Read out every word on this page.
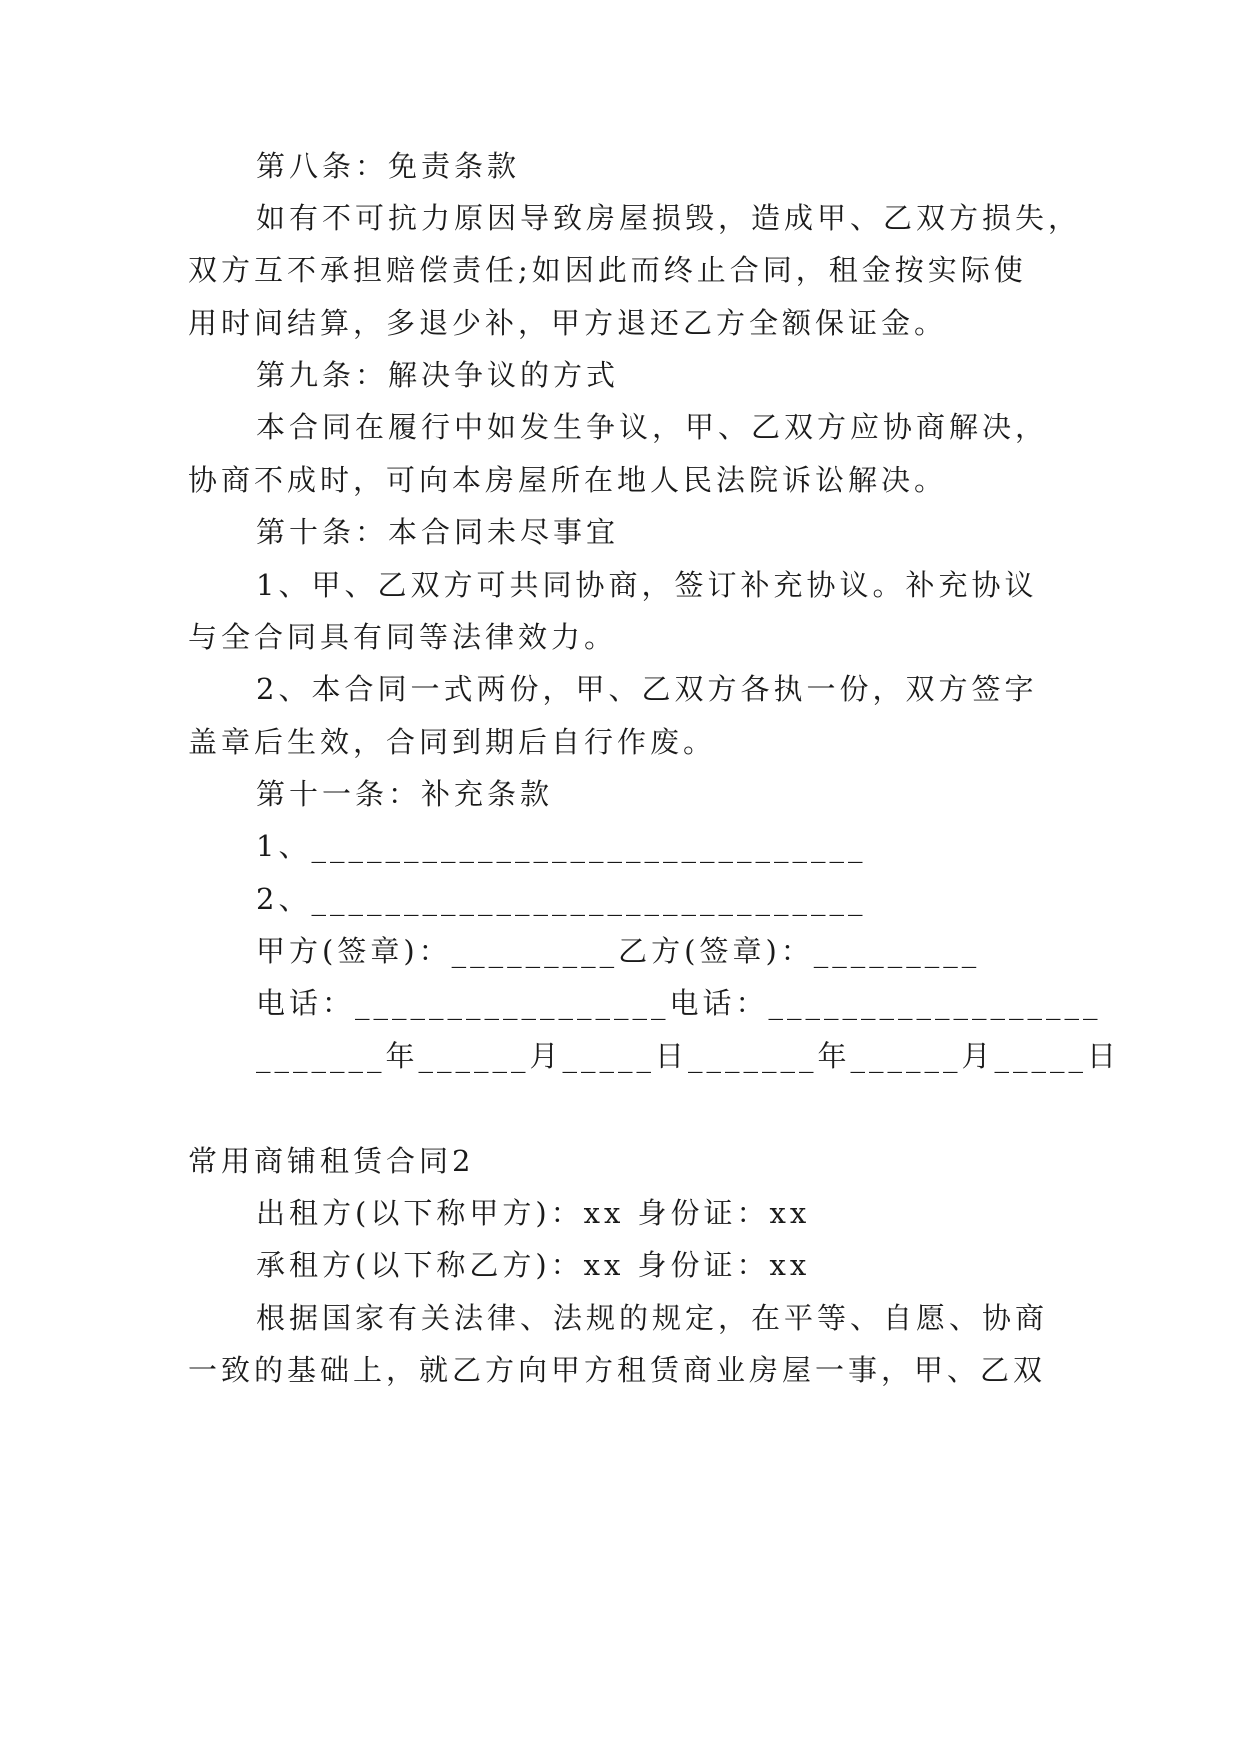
第八条：免责条款
如有不可抗力原因导致房屋损毁，造成甲、乙双方损失，
双方互不承担赔偿责任;如因此而终止合同，租金按实际使
用时间结算，多退少补，甲方退还乙方全额保证金。
第九条：解决争议的方式
本合同在履行中如发生争议，甲、乙双方应协商解决，
协商不成时，可向本房屋所在地人民法院诉讼解决。
第十条：本合同未尽事宜
1、甲、乙双方可共同协商，签订补充协议。补充协议
与全合同具有同等法律效力。
2、本合同一式两份，甲、乙双方各执一份，双方签字
盖章后生效，合同到期后自行作废。
第十一条：补充条款
1、______________________________
2、______________________________
甲方(签章)：_________乙方(签章)：_________
电话：_________________电话：__________________
_______年______月_____日_______年______月_____日
常用商铺租赁合同2
出租方(以下称甲方)：xx 身份证：xx
承租方(以下称乙方)：xx 身份证：xx
根据国家有关法律、法规的规定，在平等、自愿、协商
一致的基础上，就乙方向甲方租赁商业房屋一事，甲、乙双
